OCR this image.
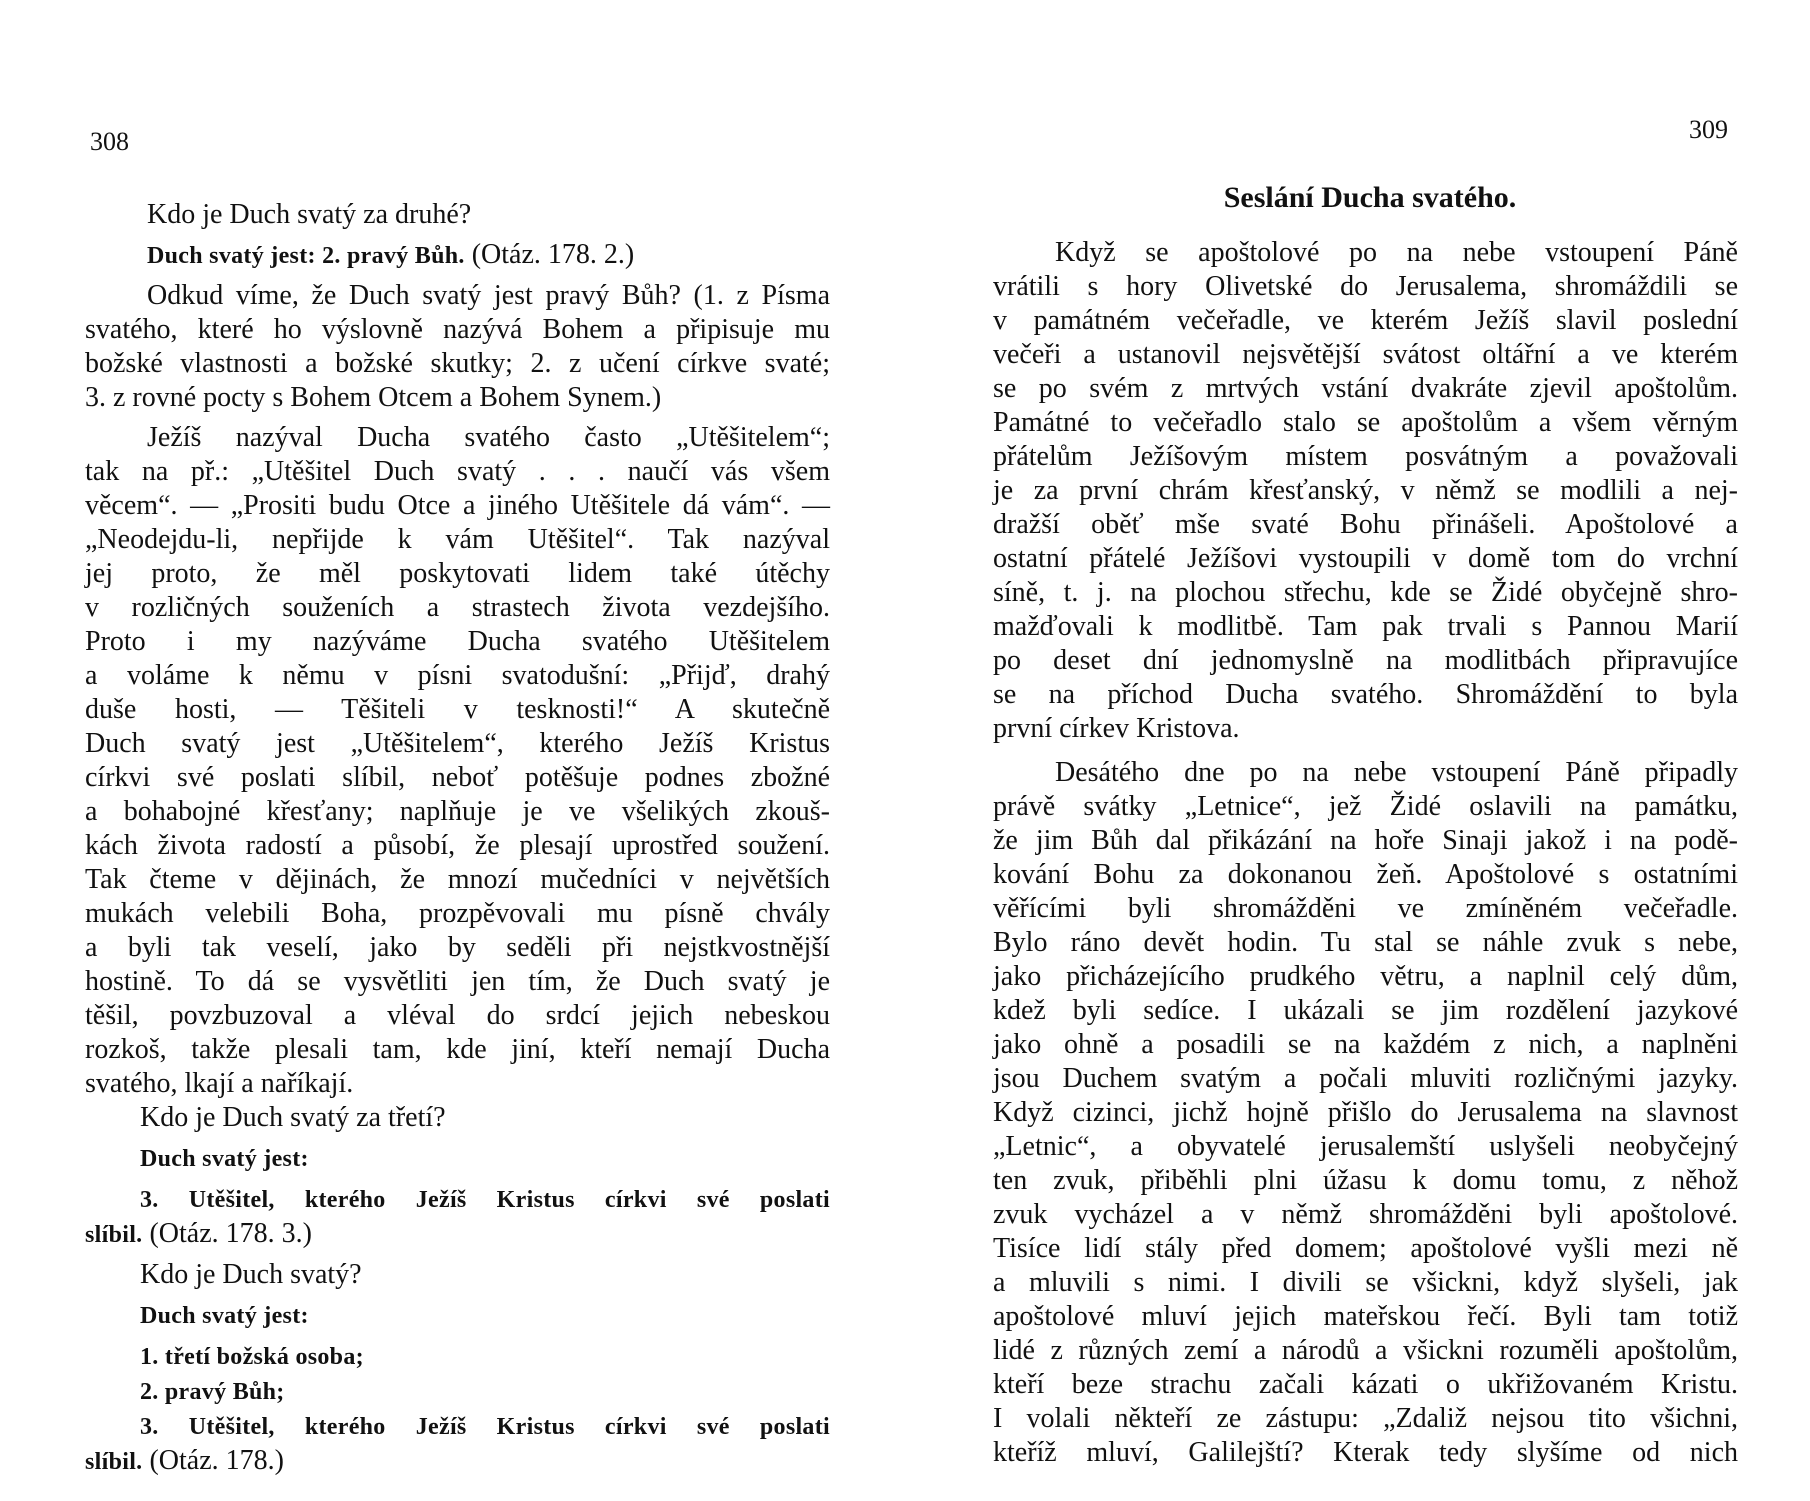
308
Kdo je Duch svatý za druhé?
Duch svatý jest: 2. pravý Bůh. (Otáz. 178. 2.)
Odkud víme, že Duch svatý jest pravý Bůh? (1. z Písma
svatého, které ho výslovně nazývá Bohem a připisuje mu
božské vlastnosti a božské skutky; 2. z učení církve svaté;
3. z rovné pocty s Bohem Otcem a Bohem Synem.)
Ježíš nazýval Ducha svatého často „Utěšitelem“;
tak na př.: „Utěšitel Duch svatý . . . naučí vás všem
věcem“. — „Prositi budu Otce a jiného Utěšitele dá vám“. —
„Neodejdu-li, nepřijde k vám Utěšitel“. Tak nazýval
jej proto, že měl poskytovati lidem také útěchy
v rozličných souženích a strastech života vezdejšího.
Proto i my nazýváme Ducha svatého Utěšitelem
a voláme k němu v písni svatodušní: „Přijď, drahý
duše hosti, — Těšiteli v tesknosti!“ A skutečně
Duch svatý jest „Utěšitelem“, kterého Ježíš Kristus
církvi své poslati slíbil, neboť potěšuje podnes zbožné
a bohabojné křesťany; naplňuje je ve všelikých zkouš-
kách života radostí a působí, že plesají uprostřed soužení.
Tak čteme v dějinách, že mnozí mučedníci v největších
mukách velebili Boha, prozpěvovali mu písně chvály
a byli tak veselí, jako by seděli při nejstkvostnější
hostině. To dá se vysvětliti jen tím, že Duch svatý je
těšil, povzbuzoval a vléval do srdcí jejich nebeskou
rozkoš, takže plesali tam, kde jiní, kteří nemají Ducha
svatého, lkají a naříkají.
Kdo je Duch svatý za třetí?
Duch svatý jest:
3. Utěšitel, kterého Ježíš Kristus církvi své poslati
slíbil. (Otáz. 178. 3.)
Kdo je Duch svatý?
Duch svatý jest:
1. třetí božská osoba;
2. pravý Bůh;
3. Utěšitel, kterého Ježíš Kristus církvi své poslati
slíbil. (Otáz. 178.)
309
Seslání Ducha svatého.
Když se apoštolové po na nebe vstoupení Páně
vrátili s hory Olivetské do Jerusalema, shromáždili se
v památném večeřadle, ve kterém Ježíš slavil poslední
večeři a ustanovil nejsvětější svátost oltářní a ve kterém
se po svém z mrtvých vstání dvakráte zjevil apoštolům.
Památné to večeřadlo stalo se apoštolům a všem věrným
přátelům Ježíšovým místem posvátným a považovali
je za první chrám křesťanský, v němž se modlili a nej-
dražší oběť mše svaté Bohu přinášeli. Apoštolové a
ostatní přátelé Ježíšovi vystoupili v domě tom do vrchní
síně, t. j. na plochou střechu, kde se Židé obyčejně shro-
mažďovali k modlitbě. Tam pak trvali s Pannou Marií
po deset dní jednomyslně na modlitbách připravujíce
se na příchod Ducha svatého. Shromáždění to byla
první církev Kristova.
Desátého dne po na nebe vstoupení Páně připadly
právě svátky „Letnice“, jež Židé oslavili na památku,
že jim Bůh dal přikázání na hoře Sinaji jakož i na podě-
kování Bohu za dokonanou žeň. Apoštolové s ostatními
věřícími byli shromážděni ve zmíněném večeřadle.
Bylo ráno devět hodin. Tu stal se náhle zvuk s nebe,
jako přicházejícího prudkého větru, a naplnil celý dům,
kdež byli sedíce. I ukázali se jim rozdělení jazykové
jako ohně a posadili se na každém z nich, a naplněni
jsou Duchem svatým a počali mluviti rozličnými jazyky.
Když cizinci, jichž hojně přišlo do Jerusalema na slavnost
„Letnic“, a obyvatelé jerusalemští uslyšeli neobyčejný
ten zvuk, přiběhli plni úžasu k domu tomu, z něhož
zvuk vycházel a v němž shromážděni byli apoštolové.
Tisíce lidí stály před domem; apoštolové vyšli mezi ně
a mluvili s nimi. I divili se všickni, když slyšeli, jak
apoštolové mluví jejich mateřskou řečí. Byli tam totiž
lidé z různých zemí a národů a všickni rozuměli apoštolům,
kteří beze strachu začali kázati o ukřižovaném Kristu.
I volali někteří ze zástupu: „Zdaliž nejsou tito všichni,
kteříž mluví, Galilejští? Kterak tedy slyšíme od nich
